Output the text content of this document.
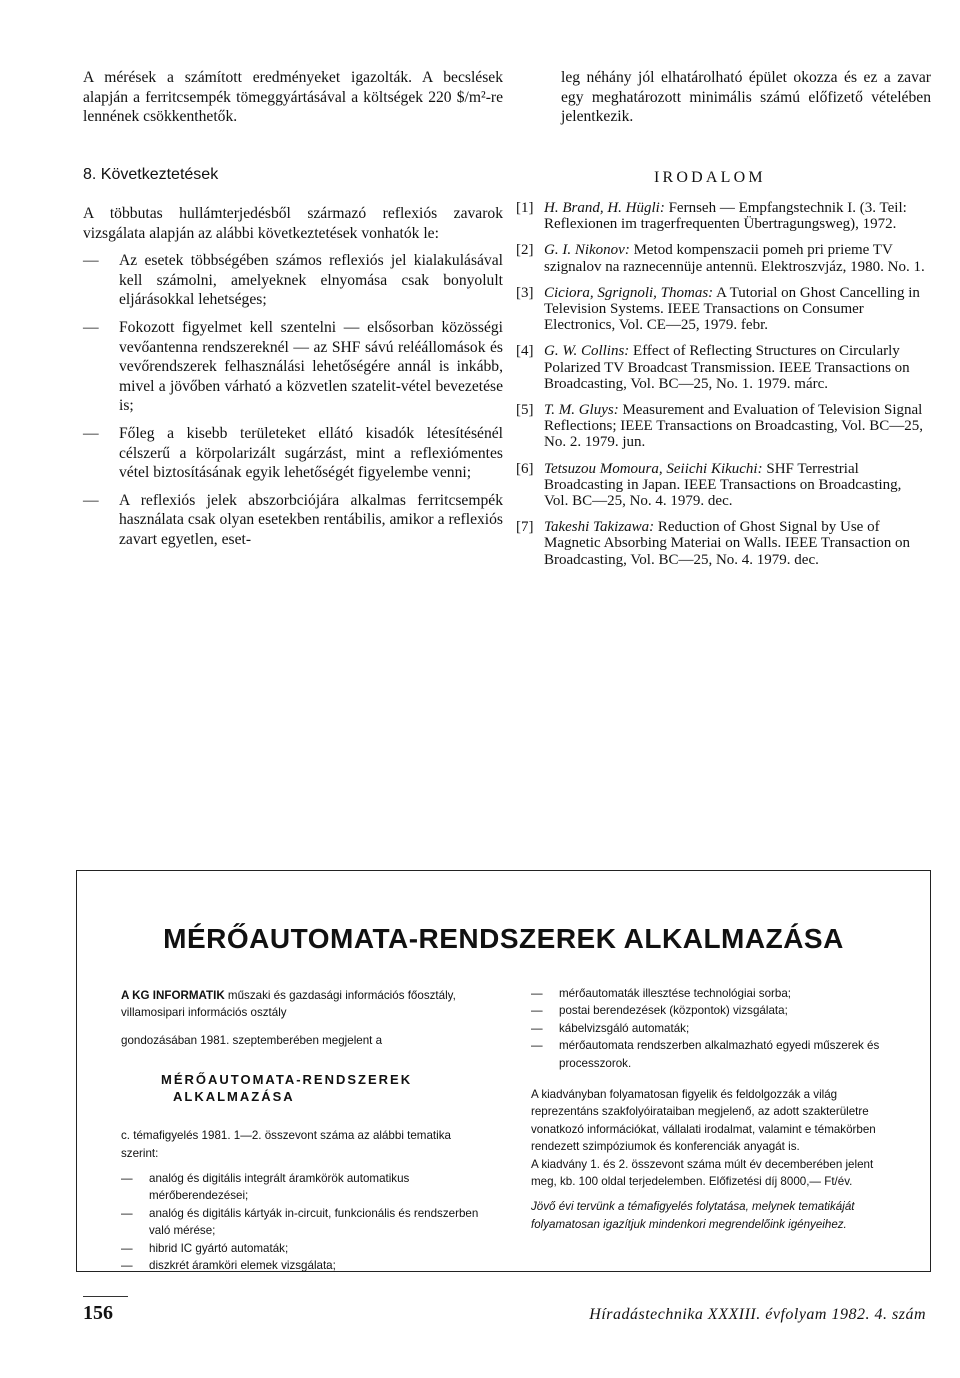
A mérések a számított eredményeket igazolták. A becslések alapján a ferritcsempék tömeggyártásával a költségek 220 $/m²-re lennének csökkenthetők.

leg néhány jól elhatárolható épület okozza és ez a zavar egy meghatározott minimális számú előfizető vételében jelentkezik.

8. Következtetések

A többutas hullámterjedésből származó reflexiós zavarok vizsgálata alapján az alábbi következtetések vonhatók le:

— Az esetek többségében számos reflexiós jel kialakulásával kell számolni, amelyeknek elnyomása csak bonyolult eljárásokkal lehetséges;
— Fokozott figyelmet kell szentelni — elsősorban közösségi vevőantenna rendszereknél — az SHF sávú reléállomások és vevőrendszerek felhasználási lehetőségére annál is inkább, mivel a jövőben várható a közvetlen szatelit-vétel bevezetése is;
— Főleg a kisebb területeket ellátó kisadók létesítésénél célszerű a körpolarizált sugárzást, mint a reflexiómentes vétel biztosításának egyik lehetőségét figyelembe venni;
— A reflexiós jelek abszorbciójára alkalmas ferritcsempék használata csak olyan esetekben rentábilis, amikor a reflexiós zavart egyetlen, eset-
IRODALOM
[1] H. Brand, H. Hügli: Fernseh — Empfangstechnik I. (3. Teil: Reflexionen im tragerfrequenten Übertragungsweg), 1972.
[2] G. I. Nikonov: Metod kompenszacii pomeh pri prieme TV szignalov na raznecennüje antennü. Elektroszvjáz, 1980. No. 1.
[3] Ciciora, Sgrignoli, Thomas: A Tutorial on Ghost Cancelling in Television Systems. IEEE Transactions on Consumer Electronics, Vol. CE—25, 1979. febr.
[4] G. W. Collins: Effect of Reflecting Structures on Circularly Polarized TV Broadcast Transmission. IEEE Transactions on Broadcasting, Vol. BC—25, No. 1. 1979. márc.
[5] T. M. Gluys: Measurement and Evaluation of Television Signal Reflections; IEEE Transactions on Broadcasting, Vol. BC—25, No. 2. 1979. jun.
[6] Tetsuzou Momoura, Seiichi Kikuchi: SHF Terrestrial Broadcasting in Japan. IEEE Transactions on Broadcasting, Vol. BC—25, No. 4. 1979. dec.
[7] Takeshi Takizawa: Reduction of Ghost Signal by Use of Magnetic Absorbing Materiai on Walls. IEEE Transaction on Broadcasting, Vol. BC—25, No. 4. 1979. dec.
MÉRŐAUTOMATA-RENDSZEREK ALKALMAZÁSA

A KG INFORMATIK műszaki és gazdasági információs főosztály, villamosipari információs osztály

gondozásában 1981. szeptemberében megjelent a

MÉRŐAUTOMATA-RENDSZEREK
ALKALMAZÁSA

c. témafigyelés 1981. 1—2. összevont száma az alábbi tematika szerint:

— analóg és digitális integrált áramkörök automatikus mérőberendezései;
— analóg és digitális kártyák in-circuit, funkcionális és rendszerben való mérése;
— hibrid IC gyártó automaták;
— diszkrét áramköri elemek vizsgálata;
— mérőautomaták illesztése technológiai sorba;
— postai berendezések (központok) vizsgálata;
— kábelvizsgáló automaták;
— mérőautomata rendszerben alkalmazható egyedi műszerek és processzorok.

A kiadványban folyamatosan figyelik és feldolgozzák a világ reprezentáns szakfolyóirataiban megjelenő, az adott szakterületre vonatkozó információkat, vállalati irodalmat, valamint e témakörben rendezett szimpóziumok és konferenciák anyagát is.

A kiadvány 1. és 2. összevont száma múlt év decemberében jelent meg, kb. 100 oldal terjedelemben. Előfizetési díj 8000,— Ft/év.

Jövő évi tervünk a témafigyelés folytatása, melynek tematikáját folyamatosan igazítjuk mindenkori megrendelőink igényeihez.

156	Híradástechnika XXXIII. évfolyam 1982. 4. szám
